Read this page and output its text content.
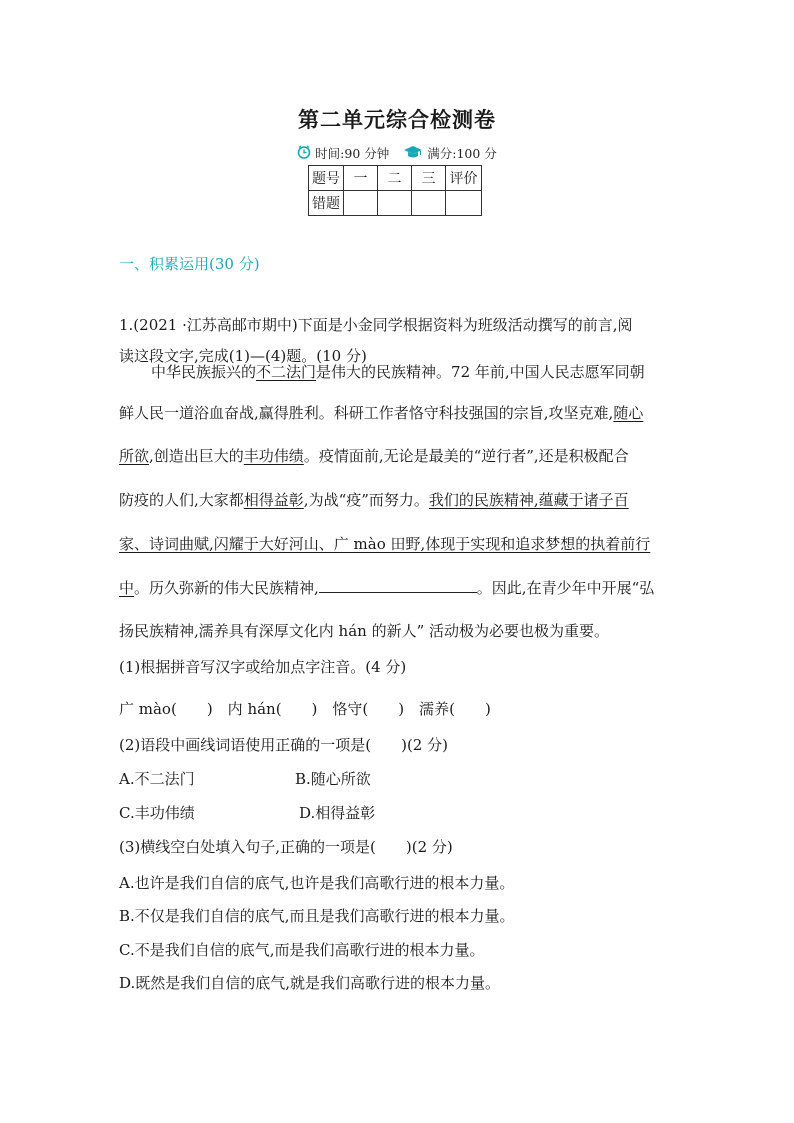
第二单元综合检测卷
时间:90 分钟	满分:100 分
题号	一	二	三	评价
错题				
一、积累运用(30 分)
1.(2021 ·江苏高邮市期中)下面是小金同学根据资料为班级活动撰写的前言,阅
读这段文字,完成(1)—(4)题。(10 分)
中华民族振兴的不二法门是伟大的民族精神。72 年前,中国人民志愿军同朝
鲜人民一道浴血奋战,赢得胜利。科研工作者恪守科技强国的宗旨,攻坚克难,随心
所欲,创造出巨大的丰功伟绩。疫情面前,无论是最美的“逆行者”,还是积极配合
防疫的人们,大家都相得益彰,为战“疫”而努力。我们的民族精神,蕴藏于诸子百
家、诗词曲赋,闪耀于大好河山、广 mào 田野,体现于实现和追求梦想的执着前行
中。历久弥新的伟大民族精神,	。因此,在青少年中开展“弘
扬民族精神,濡养具有深厚文化内 hán 的新人” 活动极为必要也极为重要。
(1)根据拼音写汉字或给加点字注音。(4 分)
广 mào(　　)　内 hán(　　)　恪守(　　)　濡养(　　)
(2)语段中画线词语使用正确的一项是(　　)(2 分)
A.不二法门	B.随心所欲
C.丰功伟绩	D.相得益彰
(3)横线空白处填入句子,正确的一项是(　　)(2 分)
A.也许是我们自信的底气,也许是我们高歌行进的根本力量。
B.不仅是我们自信的底气,而且是我们高歌行进的根本力量。
C.不是我们自信的底气,而是我们高歌行进的根本力量。
D.既然是我们自信的底气,就是我们高歌行进的根本力量。
